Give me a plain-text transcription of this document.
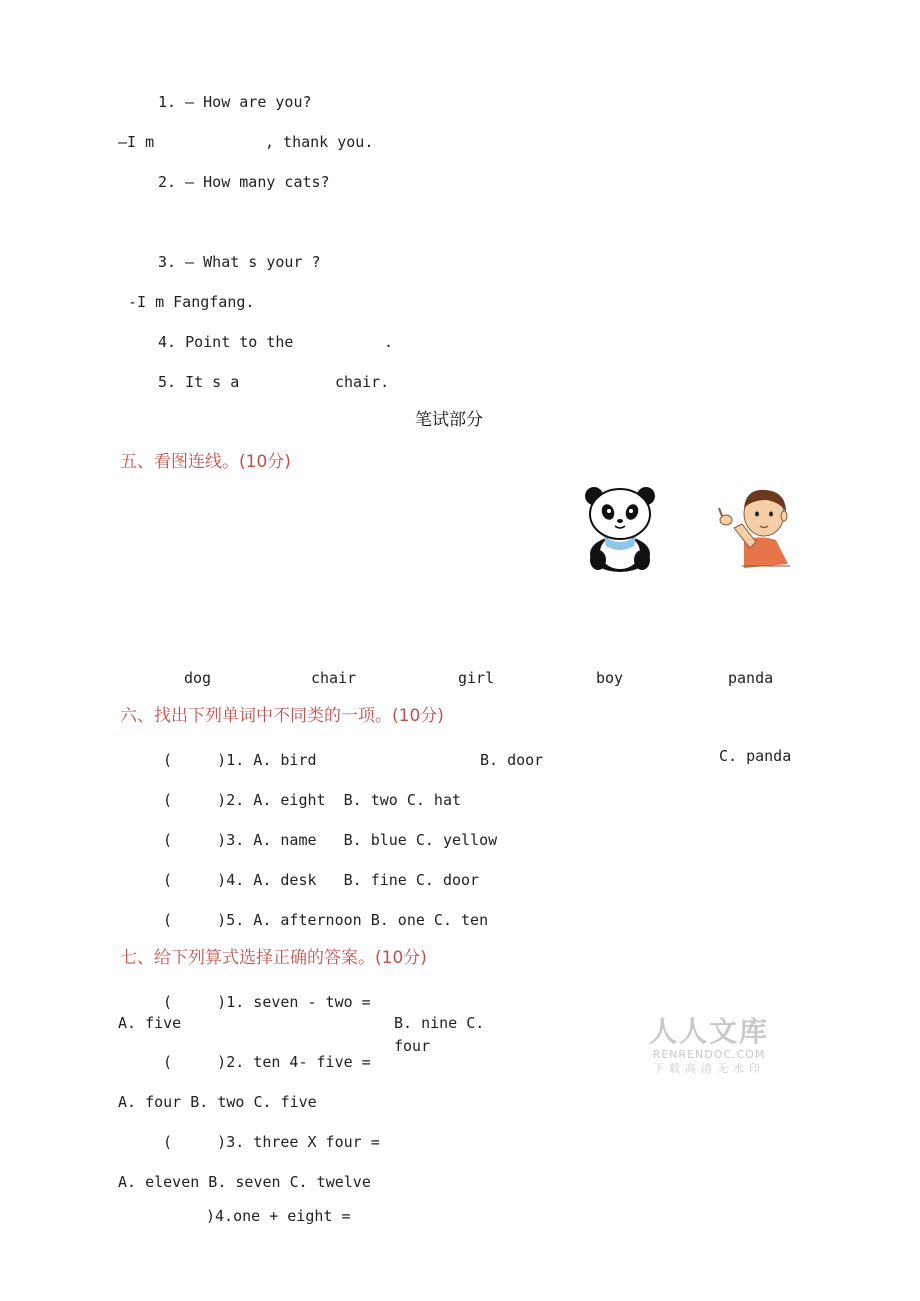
1. — How are you?
—I m	, thank you.
2. — How many cats?
3. — What s your ?
-I m Fangfang.
4. Point to the	.
5. It s a	chair.
笔试部分
五、看图连线。(10分)
dog	chair	girl	boy	panda
六、找出下列单词中不同类的一项。(10分)
(     )1. A. bird	B. door	C. panda
(     )2. A. eight  B. two C. hat
(     )3. A. name   B. blue C. yellow
(     )4. A. desk   B. fine C. door
(     )5. A. afternoon B. one C. ten
七、给下列算式选择正确的答案。(10分)
(     )1. seven - two =
A. five	B. nine C.
four
(     )2. ten 4- five =
A. four B. two C. five
(     )3. three X four =
A. eleven B. seven C. twelve
)4.one + eight =
人人文库
RENRENDOC.COM
下载高清无水印
